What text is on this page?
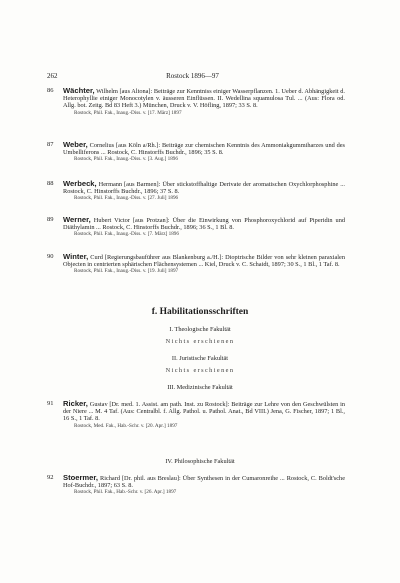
262	Rostock 1896—97
86 Wächter, Wilhelm [aus Altona]: Beiträge zur Kenntniss einiger Wasserpflanzen. 1. Ueber d. Abhängigkeit d. Heterophyllie einiger Monocotylen v. äusseren Einflüssen. II. Wedellina squamulosa Tul. ... (Aus: Flora od. Allg. bot. Zeitg. Bd 83 Heft 3.) München, Druck v. V. Höfling, 1897; 33 S. 8.
Rostock, Phil. Fak., Inaug.-Diss. v. [17. März] 1897
87 Weber, Cornelius [aus Köln a/Rh.]: Beiträge zur chemischen Kenntnis des Ammoniakgummiharzes und des Umbelliferons ... Rostock, C. Hinstorffs Buchdr., 1896; 35 S. 8.
Rostock, Phil. Fak., Inaug.-Diss. v. [3. Aug.] 1896
88 Werbeck, Hermann [aus Barmen]: Über stickstoffhaltige Derivate der aromatischen Oxychlorphosphine ... Rostock, C. Hinstorffs Buchdr., 1896; 37 S. 8.
Rostock, Phil. Fak., Inaug.-Diss. v. [27. Juli] 1896
89 Werner, Hubert Victor [aus Protzan]: Über die Einwirkung von Phosphoroxychlorid auf Piperidin und Diäthylamin ... Rostock, C. Hinstorffs Buchdr., 1896; 36 S., 1 Bl. 8.
Rostock, Phil. Fak., Inaug.-Diss. v. [7. März] 1896
90 Winter, Curd [Regierungsbauführer aus Blankenburg a./H.]: Dioptrische Bilder von sehr kleinen paraxialen Objecten in centrierten sphärischen Flächensystemen ... Kiel, Druck v. C. Schaidt, 1897; 30 S., 1 Bl., 1 Taf. 8.
Rostock, Phil. Fak., Inaug.-Diss. v. [19. Juli] 1897
f. Habilitationsschriften
I. Theologische Fakultät
Nichts erschienen
II. Juristische Fakultät
Nichts erschienen
III. Medizinische Fakultät
91 Ricker, Gustav [Dr. med. 1. Assist. am path. Inst. zu Rostock]: Beiträge zur Lehre von den Geschwülsten in der Niere ... M. 4 Taf. (Aus: Centralbl. f. Allg. Pathol. u. Pathol. Anat., Bd VIII.) Jena, G. Fischer, 1897; 1 Bl., 16 S., 1 Taf. 8.
Rostock, Med. Fak., Hab.-Schr. v. [20. Apr.] 1897
IV. Philosophische Fakultät
92 Stoermer, Richard [Dr. phil. aus Breslau]: Über Synthesen in der Cumaronreihe ... Rostock, C. Boldt'sche Hof-Buchdr., 1897; 63 S. 8.
Rostock, Phil. Fak., Hab.-Schr. v. [26. Apr.] 1897
